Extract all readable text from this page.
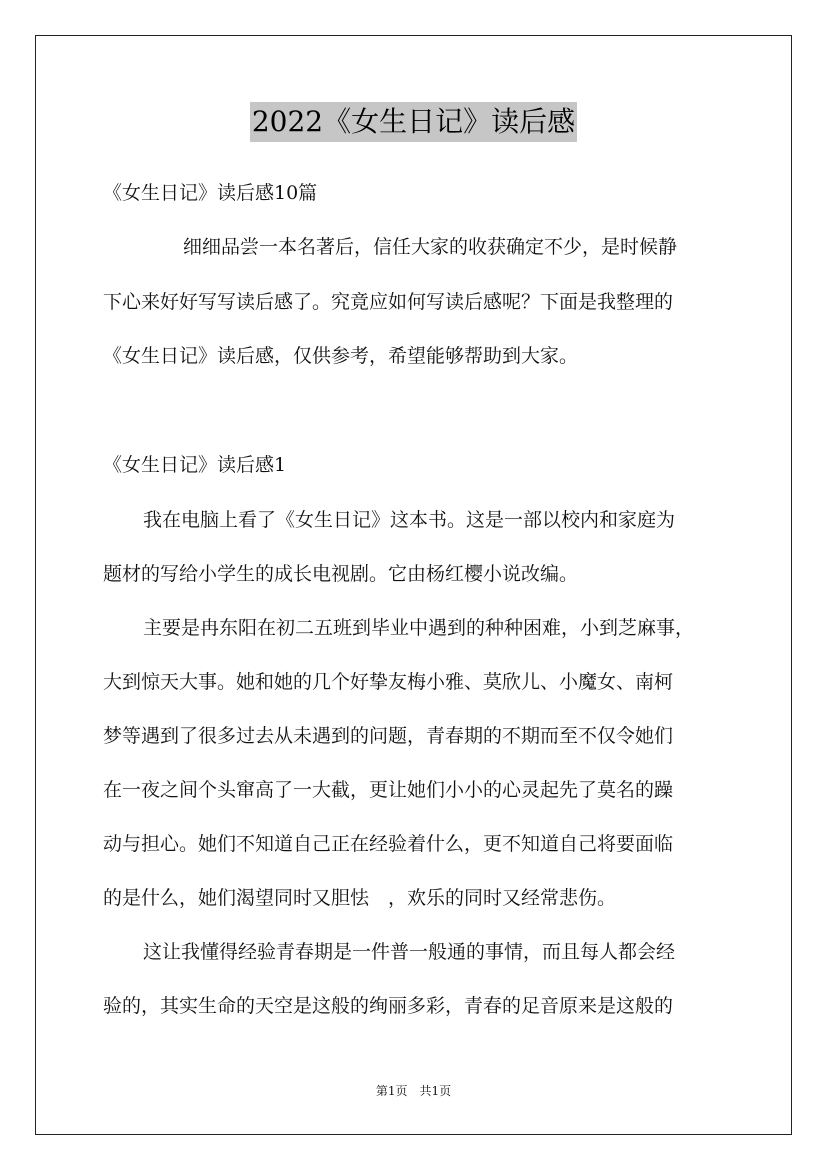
2022《女生日记》读后感
《女生日记》读后感10篇
细细品尝一本名著后，信任大家的收获确定不少，是时候静
下心来好好写写读后感了。究竟应如何写读后感呢？下面是我整理的
《女生日记》读后感，仅供参考，希望能够帮助到大家。
《女生日记》读后感1
我在电脑上看了《女生日记》这本书。这是一部以校内和家庭为
题材的写给小学生的成长电视剧。它由杨红樱小说改编。
主要是冉东阳在初二五班到毕业中遇到的种种困难，小到芝麻事，
大到惊天大事。她和她的几个好挚友梅小雅、莫欣儿、小魔女、南柯
梦等遇到了很多过去从未遇到的问题，青春期的不期而至不仅令她们
在一夜之间个头窜高了一大截，更让她们小小的心灵起先了莫名的躁
动与担心。她们不知道自己正在经验着什么，更不知道自己将要面临
的是什么，她们渴望同时又胆怯　，欢乐的同时又经常悲伤。
这让我懂得经验青春期是一件普一般通的事情，而且每人都会经
验的，其实生命的天空是这般的绚丽多彩，青春的足音原来是这般的
第1页　共1页
